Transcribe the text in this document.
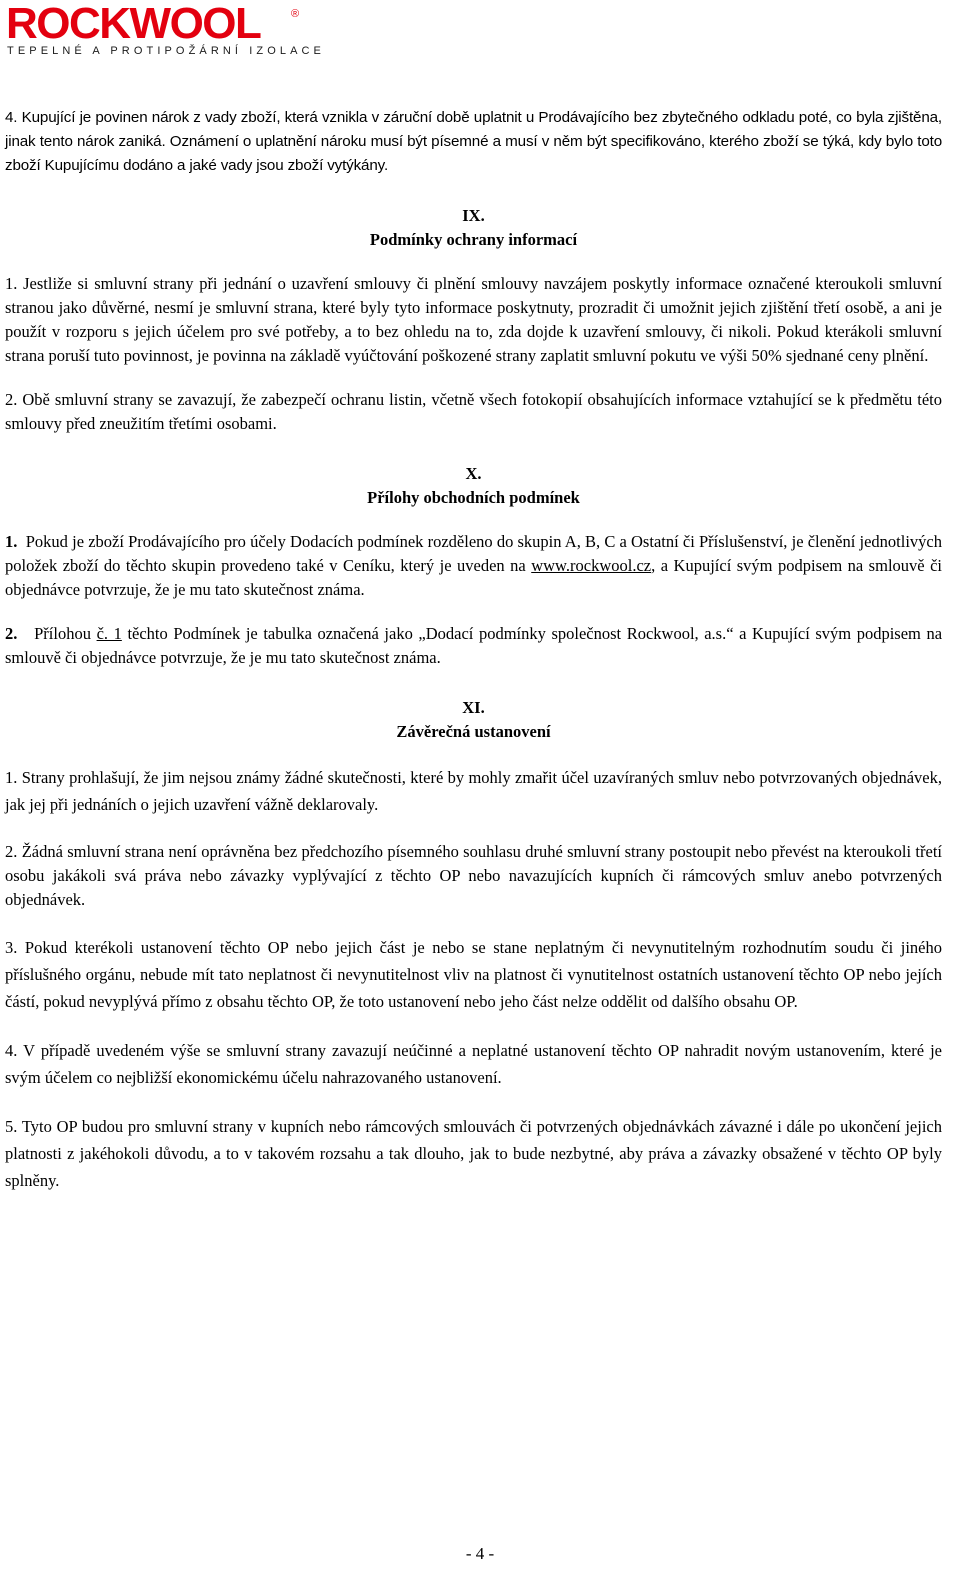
ROCKWOOL	®
TEPELNÉ A PROTIPOŽÁRNÍ IZOLACE

4. Kupující je povinen nárok z vady zboží, která vznikla v záruční době uplatnit u Prodávajícího bez zbytečného odkladu poté, co byla zjištěna, jinak tento nárok zaniká. Oznámení o uplatnění nároku musí být písemné a musí v něm být specifikováno, kterého zboží se týká, kdy bylo toto zboží Kupujícímu dodáno a jaké vady jsou zboží vytýkány.

IX.
Podmínky ochrany informací

1. Jestliže si smluvní strany při jednání o uzavření smlouvy či plnění smlouvy navzájem poskytly informace označené kteroukoli smluvní stranou jako důvěrné, nesmí je smluvní strana, které byly tyto informace poskytnuty, prozradit či umožnit jejich zjištění třetí osobě, a ani je použít v rozporu s jejich účelem pro své potřeby, a to bez ohledu na to, zda dojde k uzavření smlouvy, či nikoli. Pokud kterákoli smluvní strana poruší tuto povinnost, je povinna na základě vyúčtování poškozené strany zaplatit smluvní pokutu ve výši 50% sjednané ceny plnění.

2. Obě smluvní strany se zavazují, že zabezpečí ochranu listin, včetně všech fotokopií obsahujících informace vztahující se k předmětu této smlouvy před zneužitím třetími osobami.

X.
Přílohy obchodních podmínek

1. Pokud je zboží Prodávajícího pro účely Dodacích podmínek rozděleno do skupin A, B, C a Ostatní či Příslušenství, je členění jednotlivých položek zboží do těchto skupin provedeno také v Ceníku, který je uveden na www.rockwool.cz, a Kupující svým podpisem na smlouvě či objednávce potvrzuje, že je mu tato skutečnost známa.

2. Přílohou č. 1 těchto Podmínek je tabulka označená jako „Dodací podmínky společnost Rockwool, a.s.“ a Kupující svým podpisem na smlouvě či objednávce potvrzuje, že je mu tato skutečnost známa.

XI.
Závěrečná ustanovení

1. Strany prohlašují, že jim nejsou známy žádné skutečnosti, které by mohly zmařit účel uzavíraných smluv nebo potvrzovaných objednávek, jak jej při jednáních o jejich uzavření vážně deklarovaly.

2. Žádná smluvní strana není oprávněna bez předchozího písemného souhlasu druhé smluvní strany postoupit nebo převést na kteroukoli třetí osobu jakákoli svá práva nebo závazky vyplývající z těchto OP nebo navazujících kupních či rámcových smluv anebo potvrzených objednávek.

3. Pokud kterékoli ustanovení těchto OP nebo jejich část je nebo se stane neplatným či nevynutitelným rozhodnutím soudu či jiného příslušného orgánu, nebude mít tato neplatnost či nevynutitelnost vliv na platnost či vynutitelnost ostatních ustanovení těchto OP nebo jejích částí, pokud nevyplývá přímo z obsahu těchto OP, že toto ustanovení nebo jeho část nelze oddělit od dalšího obsahu OP.

4. V případě uvedeném výše se smluvní strany zavazují neúčinné a neplatné ustanovení těchto OP nahradit novým ustanovením, které je svým účelem co nejbližší ekonomickému účelu nahrazovaného ustanovení.

5. Tyto OP budou pro smluvní strany v kupních nebo rámcových smlouvách či potvrzených objednávkách závazné i dále po ukončení jejich platnosti z jakéhokoli důvodu, a to v takovém rozsahu a tak dlouho, jak to bude nezbytné, aby práva a závazky obsažené v těchto OP byly splněny.

- 4 -
